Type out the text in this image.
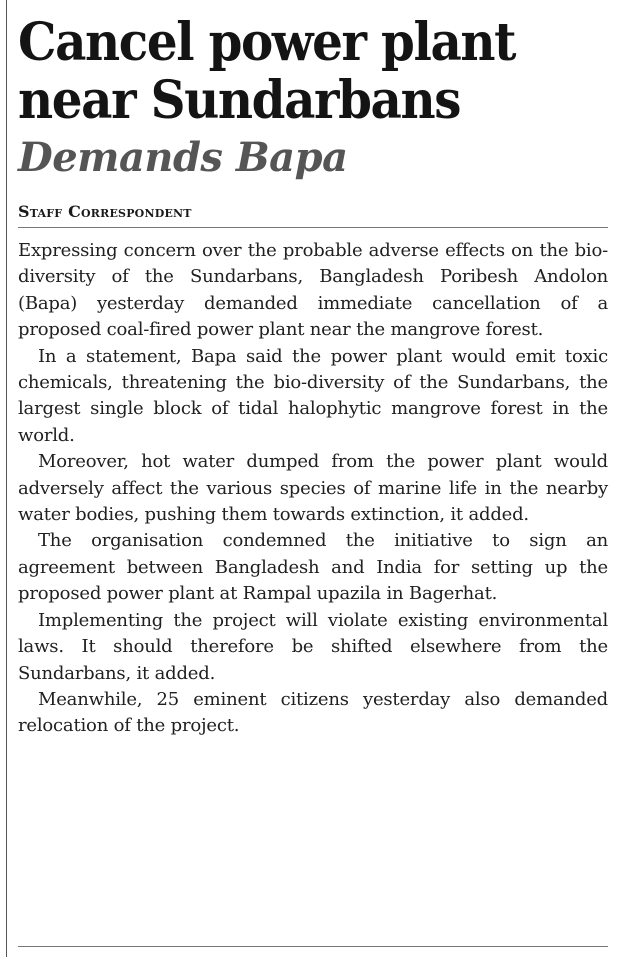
Cancel power plant near Sundarbans
Demands Bapa
Staff Correspondent

Expressing concern over the probable adverse effects on the bio-diversity of the Sundarbans, Bangladesh Poribesh Andolon (Bapa) yesterday demanded immediate cancellation of a proposed coal-fired power plant near the mangrove forest.

In a statement, Bapa said the power plant would emit toxic chemicals, threatening the bio-diversity of the Sundarbans, the largest single block of tidal halophytic mangrove forest in the world.

Moreover, hot water dumped from the power plant would adversely affect the various species of marine life in the nearby water bodies, pushing them towards extinction, it added.

The organisation condemned the initiative to sign an agreement between Bangladesh and India for setting up the proposed power plant at Rampal upazila in Bagerhat.

Implementing the project will violate existing environmental laws. It should therefore be shifted elsewhere from the Sundarbans, it added.

Meanwhile, 25 eminent citizens yesterday also demanded relocation of the project.
